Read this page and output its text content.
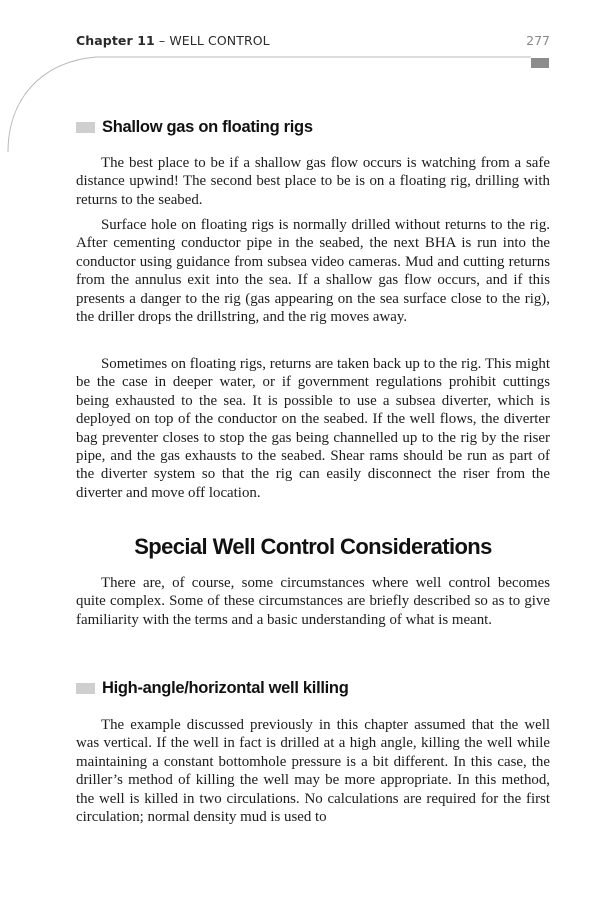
Chapter 11 – WELL CONTROL	277
Shallow gas on floating rigs

The best place to be if a shallow gas flow occurs is watching from a safe distance upwind! The second best place to be is on a floating rig, drilling with returns to the seabed.

Surface hole on floating rigs is normally drilled without returns to the rig. After cementing conductor pipe in the seabed, the next BHA is run into the conductor using guidance from subsea video cameras. Mud and cutting returns from the annulus exit into the sea. If a shallow gas flow occurs, and if this presents a danger to the rig (gas appearing on the sea surface close to the rig), the driller drops the drillstring, and the rig moves away.

Sometimes on floating rigs, returns are taken back up to the rig. This might be the case in deeper water, or if government regulations prohibit cuttings being exhausted to the sea. It is possible to use a subsea diverter, which is deployed on top of the conductor on the seabed. If the well flows, the diverter bag preventer closes to stop the gas being channelled up to the rig by the riser pipe, and the gas exhausts to the seabed. Shear rams should be run as part of the diverter system so that the rig can easily disconnect the riser from the diverter and move off location.

Special Well Control Considerations

There are, of course, some circumstances where well control becomes quite complex. Some of these circumstances are briefly described so as to give familiarity with the terms and a basic understanding of what is meant.

High-angle/horizontal well killing

The example discussed previously in this chapter assumed that the well was vertical. If the well in fact is drilled at a high angle, killing the well while maintaining a constant bottomhole pressure is a bit different. In this case, the driller’s method of killing the well may be more appropriate. In this method, the well is killed in two circulations. No calculations are required for the first circulation; normal density mud is used to
